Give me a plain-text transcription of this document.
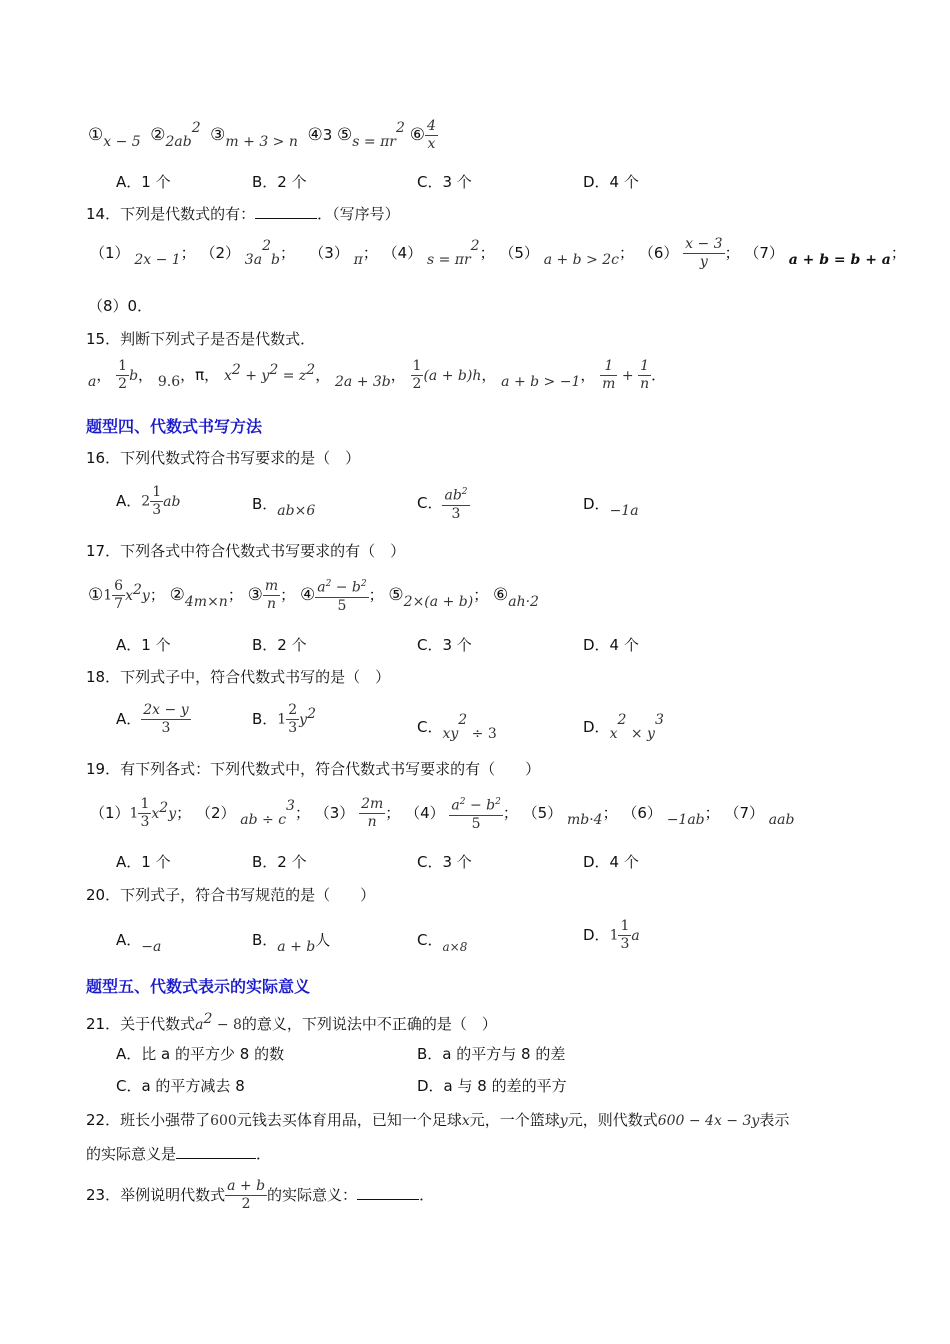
①x − 5 $②2ab^2$ ③m + 3 > n ④3 ⑤s = $\pi r^2$ ⑥ $\frac{4}{x}$
A．1 个	B．2 个	C．3 个	D．4 个
14．下列是代数式的有：	．（写序号）
（1） 2x − 1； （2） $3a^2b$； （3） π； （4） $s = \pi r^2$； （5） a + b > 2c； $(6) \frac{x - 3}{y}$ ； （7） a + b = b + a；
（8）0．
15．判断下列式子是否是代数式．
a， $\frac{1}{2}$ b， 9.6，π， $x^2 + y^2 = z^2$， 2a + 3b， $\frac{1}{2} (a + b)h$， a + b > −1， $\frac{1}{m} + \frac{1}{n}$ ．
题型四、代数式书写方法
16．下列代数式符合书写要求的是（　）
A．$2 \frac{1}{3}$ ab	B．ab×6	C． $\frac{ab^2}{3}$	D．−1a
17．下列各式中符合代数式书写要求的有（　）
①1 $\frac{6}{7} x^2y$； ②4m×n； ③ $\frac{m}{n}$ ； ④ $\frac{a^2 - b^2}{5}$ ； ⑤2×(a + b)； ⑥ah·2
A．1 个	B．2 个	C．3 个	D．4 个
18．下列式子中，符合代数式书写的是（　）
A． $\frac{2x - y}{3}$	B．$1 \frac{2}{3} y^2$
C．$xy^2 \div 3$	D．$x^2 \times y^3$
19．有下列各式：下列代数式中，符合代数式书写要求的有（　　）
$(1)1 \frac{1}{3} x^2y$； （2） ab ÷ $c^3$； $(3) \frac{2m}{n}$ ； $(4) \frac{a^2 - b^2}{5}$ ； （5） mb·4； （6） −1ab； （7） aab
A．1 个	B．2 个	C．3 个	D．4 个
20．下列式子，符合书写规范的是（　　）
A．−a	B．a + b人	C．$_{a\times 8}$
D．$1 \frac{1}{3}$ a
题型五、代数式表示的实际意义
21．关于代数式$a^2 - 8$的意义，下列说法中不正确的是（　）
A．比 a 的平方少 8 的数	B．a 的平方与 8 的差
C．a 的平方减去 8	D．a 与 8 的差的平方
22．班长小强带了600元钱去买体育用品，已知一个足球x元，一个篮球y元，则代数式600 − 4x − 3y表示
的实际意义是	．
23．举例说明代数式 $\frac{a + b}{2}$ 的实际意义：	．
